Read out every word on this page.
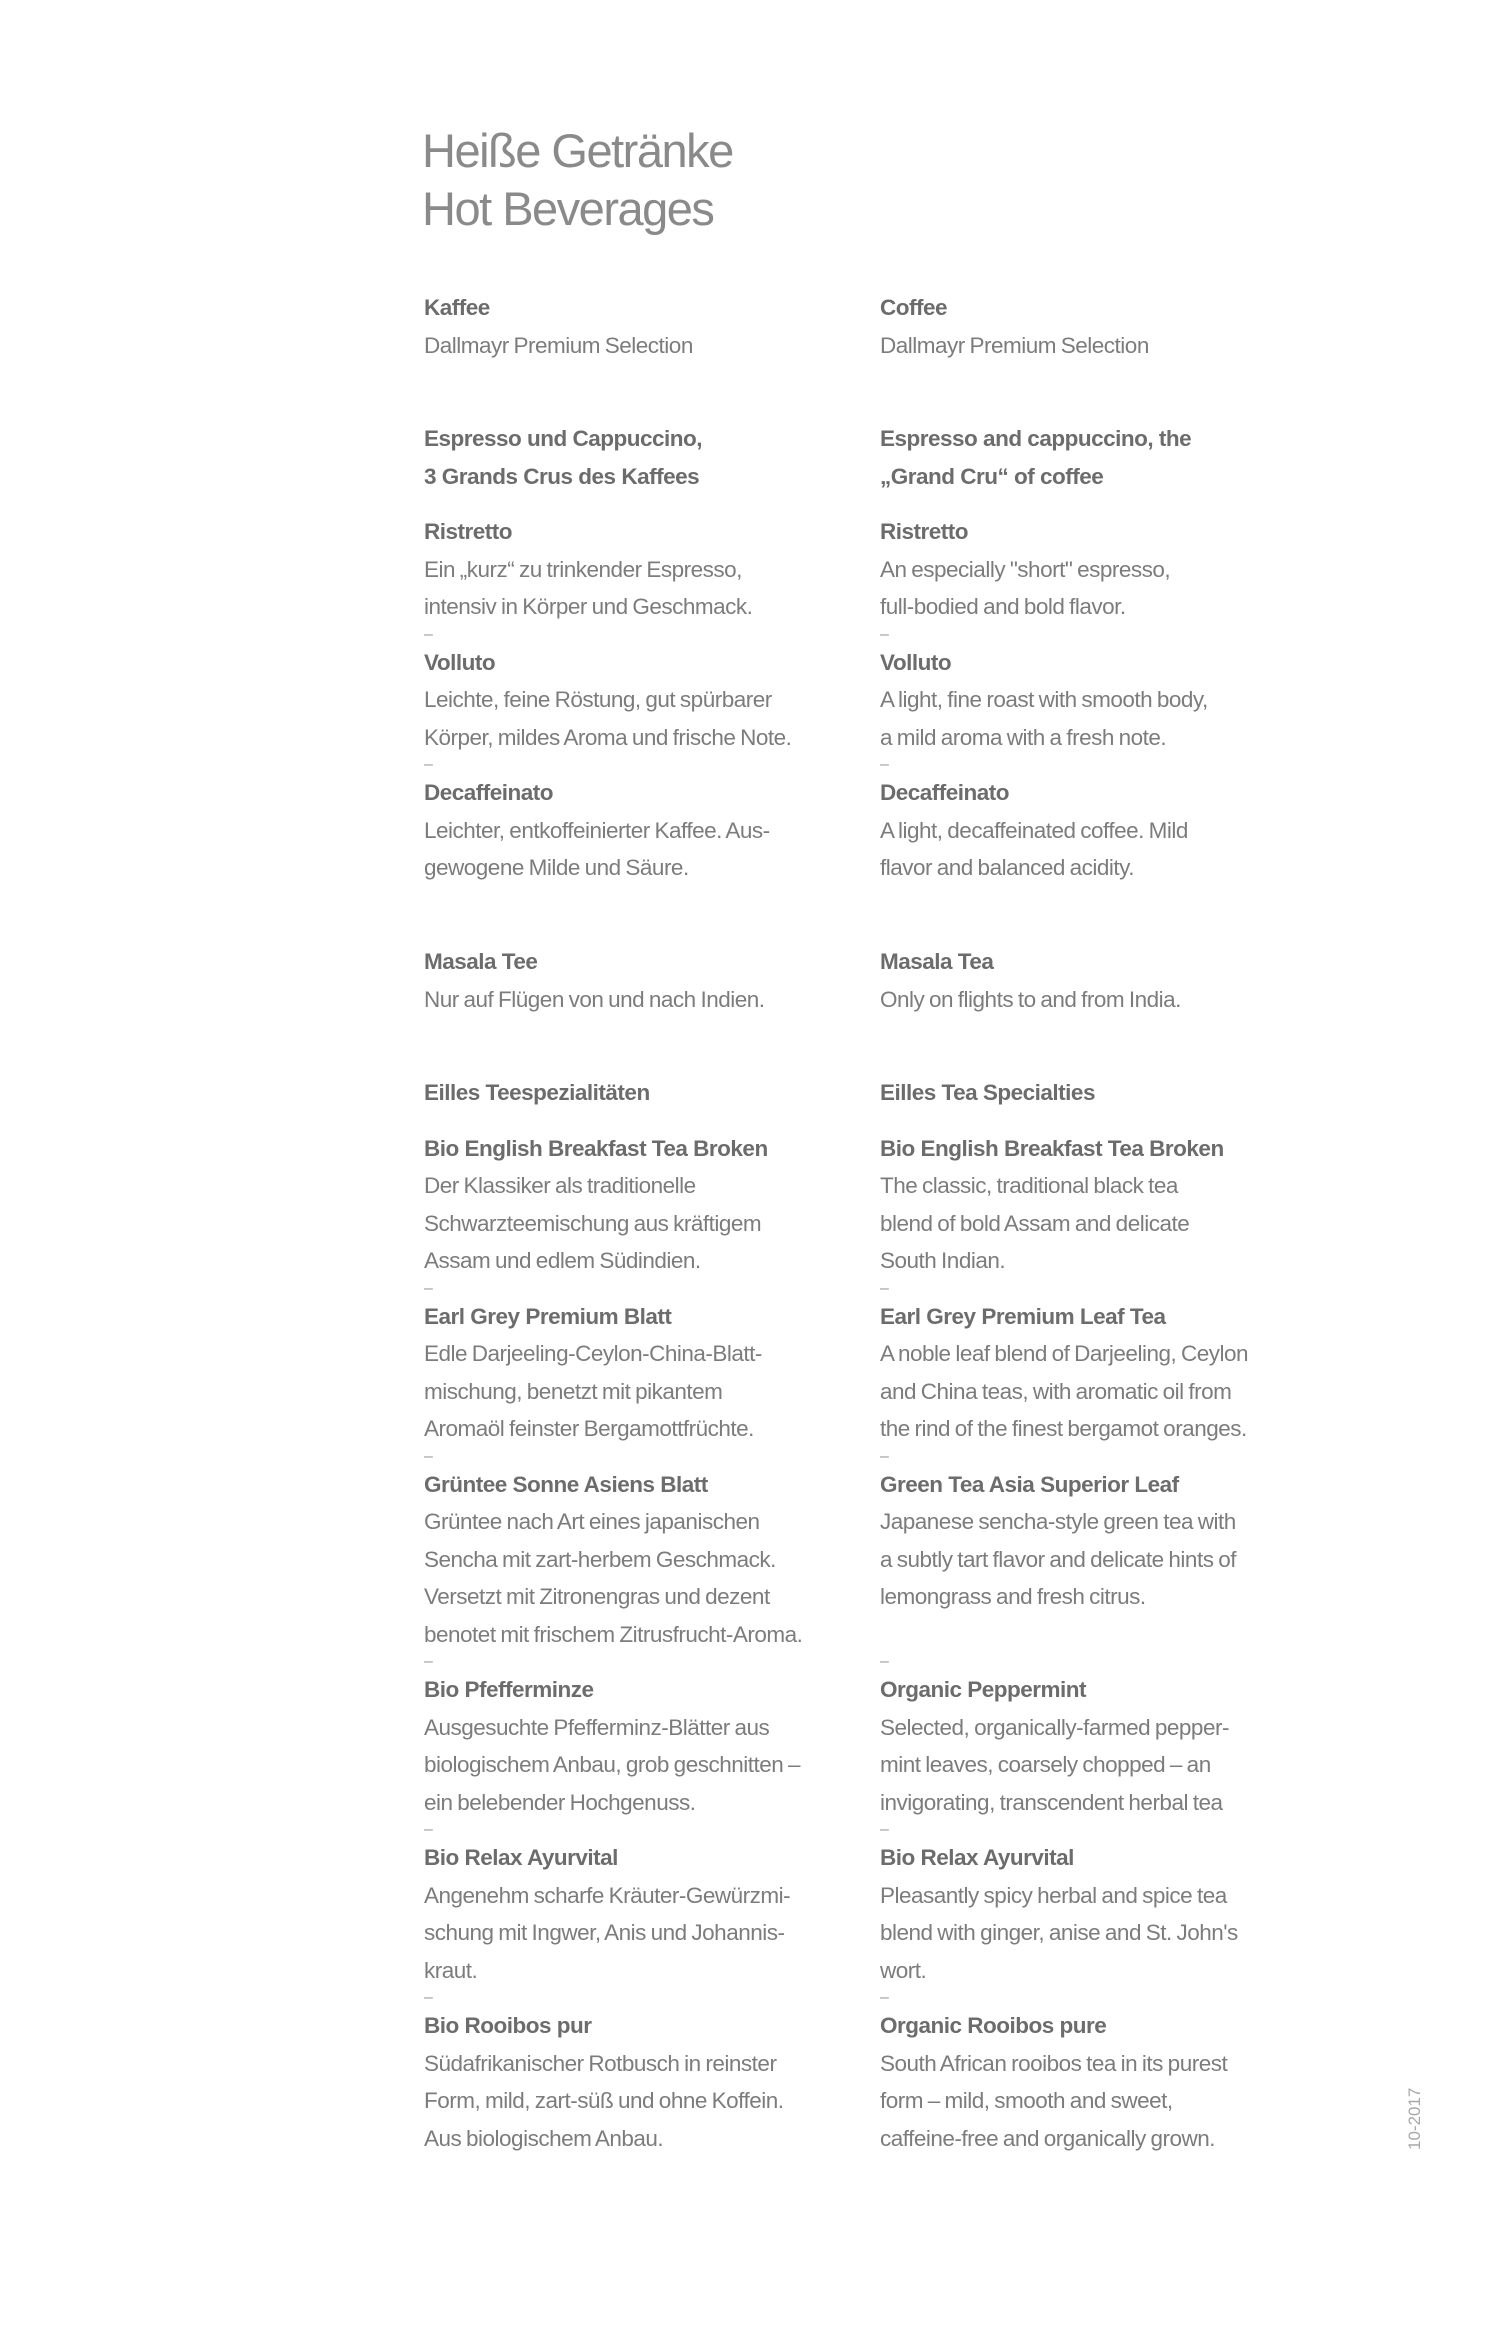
Heiße Getränke
Hot Beverages
Kaffee
Dallmayr Premium Selection
Espresso und Cappuccino,
3 Grands Crus des Kaffees
Ristretto
Ein „kurz“ zu trinkender Espresso,
intensiv in Körper und Geschmack.
–
Volluto
Leichte, feine Röstung, gut spürbarer
Körper, mildes Aroma und frische Note.
–
Decaffeinato
Leichter, entkoffeinierter Kaffee. Aus-
gewogene Milde und Säure.
Masala Tee
Nur auf Flügen von und nach Indien.
Eilles Teespezialitäten
Bio English Breakfast Tea Broken
Der Klassiker als traditionelle
Schwarzteemischung aus kräftigem
Assam und edlem Südindien.
–
Earl Grey Premium Blatt
Edle Darjeeling-Ceylon-China-Blatt-
mischung, benetzt mit pikantem
Aromaöl feinster Bergamottfrüchte.
–
Grüntee Sonne Asiens Blatt
Grüntee nach Art eines japanischen
Sencha mit zart-herbem Geschmack.
Versetzt mit Zitronengras und dezent
benotet mit frischem Zitrusfrucht-Aroma.
–
Bio Pfefferminze
Ausgesuchte Pfefferminz-Blätter aus
biologischem Anbau, grob geschnitten –
ein belebender Hochgenuss.
–
Bio Relax Ayurvital
Angenehm scharfe Kräuter-Gewürzmi-
schung mit Ingwer, Anis und Johannis-
kraut.
–
Bio Rooibos pur
Südafrikanischer Rotbusch in reinster
Form, mild, zart-süß und ohne Koffein.
Aus biologischem Anbau.
Coffee
Dallmayr Premium Selection
Espresso and cappuccino, the
„Grand Cru“ of coffee
Ristretto
An especially "short" espresso,
full-bodied and bold flavor.
–
Volluto
A light, fine roast with smooth body,
a mild aroma with a fresh note.
–
Decaffeinato
A light, decaffeinated coffee. Mild
flavor and balanced acidity.
Masala Tea
Only on flights to and from India.
Eilles Tea Specialties
Bio English Breakfast Tea Broken
The classic, traditional black tea
blend of bold Assam and delicate
South Indian.
–
Earl Grey Premium Leaf Tea
A noble leaf blend of Darjeeling, Ceylon
and China teas, with aromatic oil from
the rind of the finest bergamot oranges.
–
Green Tea Asia Superior Leaf
Japanese sencha-style green tea with
a subtly tart flavor and delicate hints of
lemongrass and fresh citrus.

–
Organic Peppermint
Selected, organically-farmed pepper-
mint leaves, coarsely chopped – an
invigorating, transcendent herbal tea
–
Bio Relax Ayurvital
Pleasantly spicy herbal and spice tea
blend with ginger, anise and St. John's
wort.
–
Organic Rooibos pure
South African rooibos tea in its purest
form – mild, smooth and sweet,
caffeine-free and organically grown.	10-2017
